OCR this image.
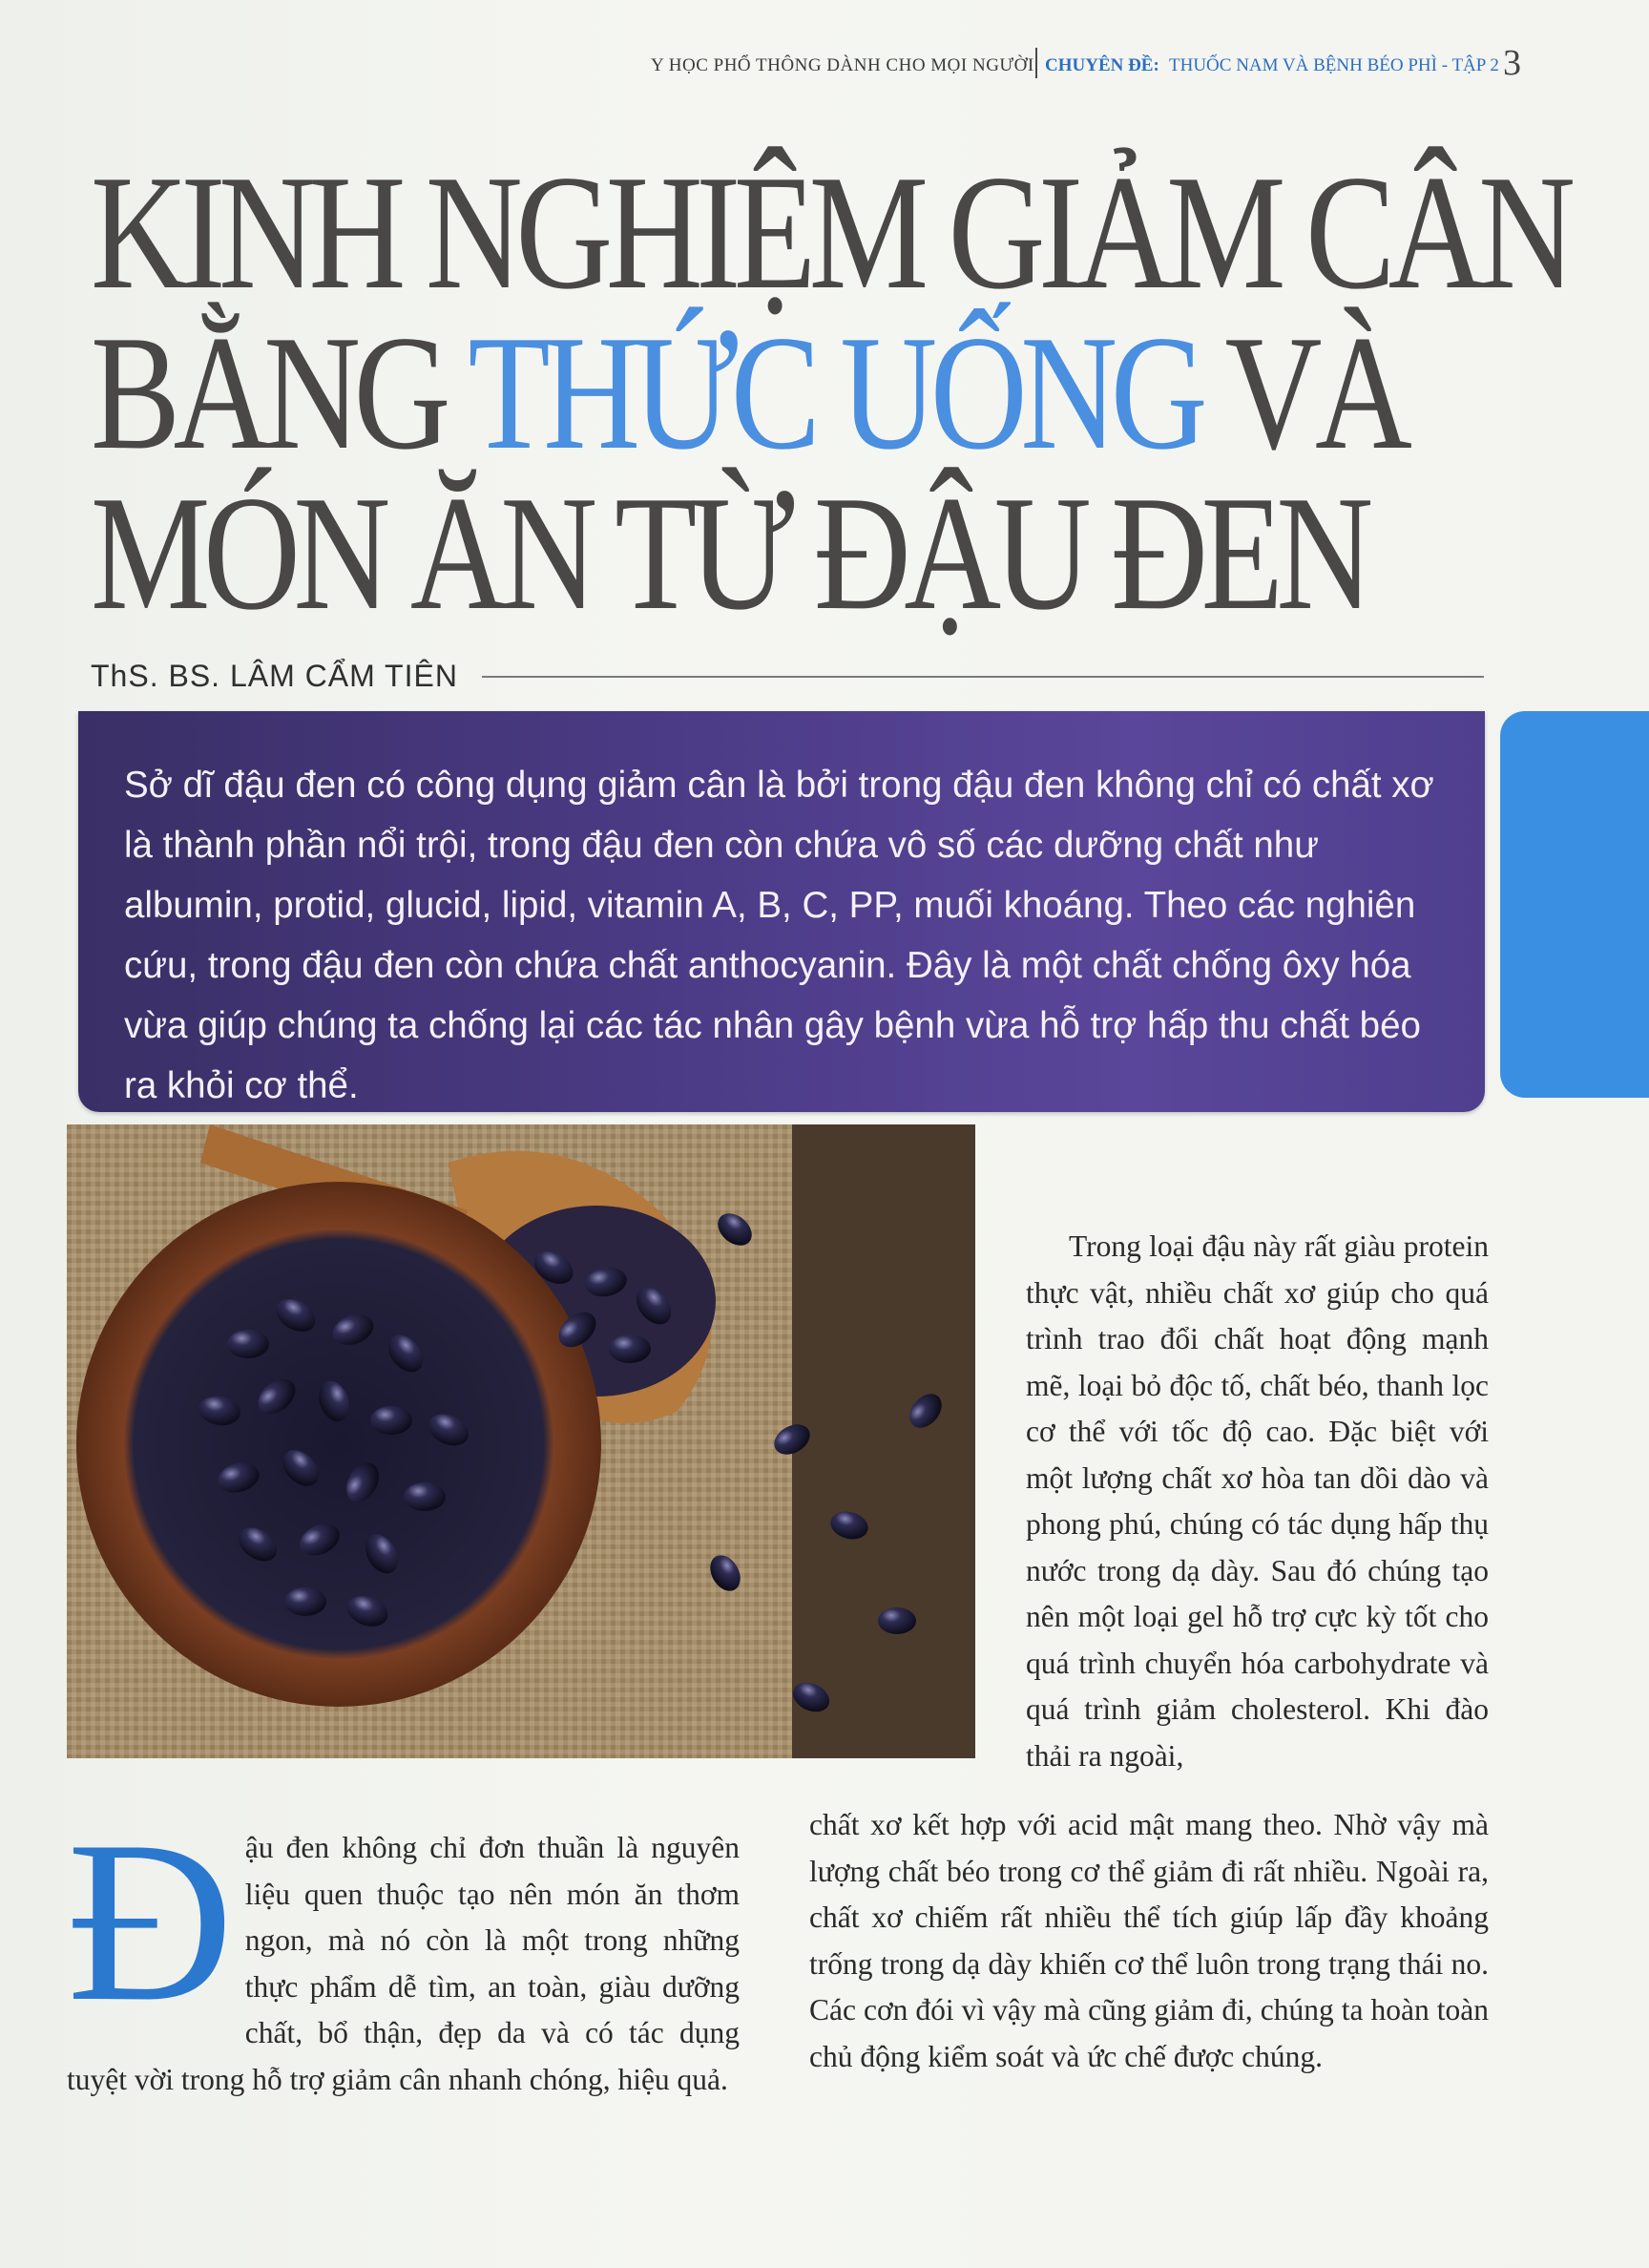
Y HỌC PHỔ THÔNG DÀNH CHO MỌI NGƯỜI CHUYÊN ĐỀ: THUỐC NAM VÀ BỆNH BÉO PHÌ - TẬP 2 3
KINH NGHIỆM GIẢM CÂN
BẰNG THỨC UỐNG VÀ
MÓN ĂN TỪ ĐẬU ĐEN
ThS. BS. LÂM CẨM TIÊN
Sở dĩ đậu đen có công dụng giảm cân là bởi trong đậu đen không chỉ có chất xơ là thành phần nổi trội, trong đậu đen còn chứa vô số các dưỡng chất như albumin, protid, glucid, lipid, vitamin A, B, C, PP, muối khoáng. Theo các nghiên cứu, trong đậu đen còn chứa chất anthocyanin. Đây là một chất chống ôxy hóa vừa giúp chúng ta chống lại các tác nhân gây bệnh vừa hỗ trợ hấp thu chất béo ra khỏi cơ thể.
Trong loại đậu này rất giàu protein thực vật, nhiều chất xơ giúp cho quá trình trao đổi chất hoạt động mạnh mẽ, loại bỏ độc tố, chất béo, thanh lọc cơ thể với tốc độ cao. Đặc biệt với một lượng chất xơ hòa tan dồi dào và phong phú, chúng có tác dụng hấp thụ nước trong dạ dày. Sau đó chúng tạo nên một loại gel hỗ trợ cực kỳ tốt cho quá trình chuyển hóa carbohydrate và quá trình giảm cholesterol. Khi đào thải ra ngoài,
Đ ậu đen không chỉ đơn thuần là nguyên liệu quen thuộc tạo nên món ăn thơm ngon, mà nó còn là một trong những thực phẩm dễ tìm, an toàn, giàu dưỡng chất, bổ thận, đẹp da và có tác dụng tuyệt vời trong hỗ trợ giảm cân nhanh chóng, hiệu quả.
chất xơ kết hợp với acid mật mang theo. Nhờ vậy mà lượng chất béo trong cơ thể giảm đi rất nhiều. Ngoài ra, chất xơ chiếm rất nhiều thể tích giúp lấp đầy khoảng trống trong dạ dày khiến cơ thể luôn trong trạng thái no. Các cơn đói vì vậy mà cũng giảm đi, chúng ta hoàn toàn chủ động kiểm soát và ức chế được chúng.
